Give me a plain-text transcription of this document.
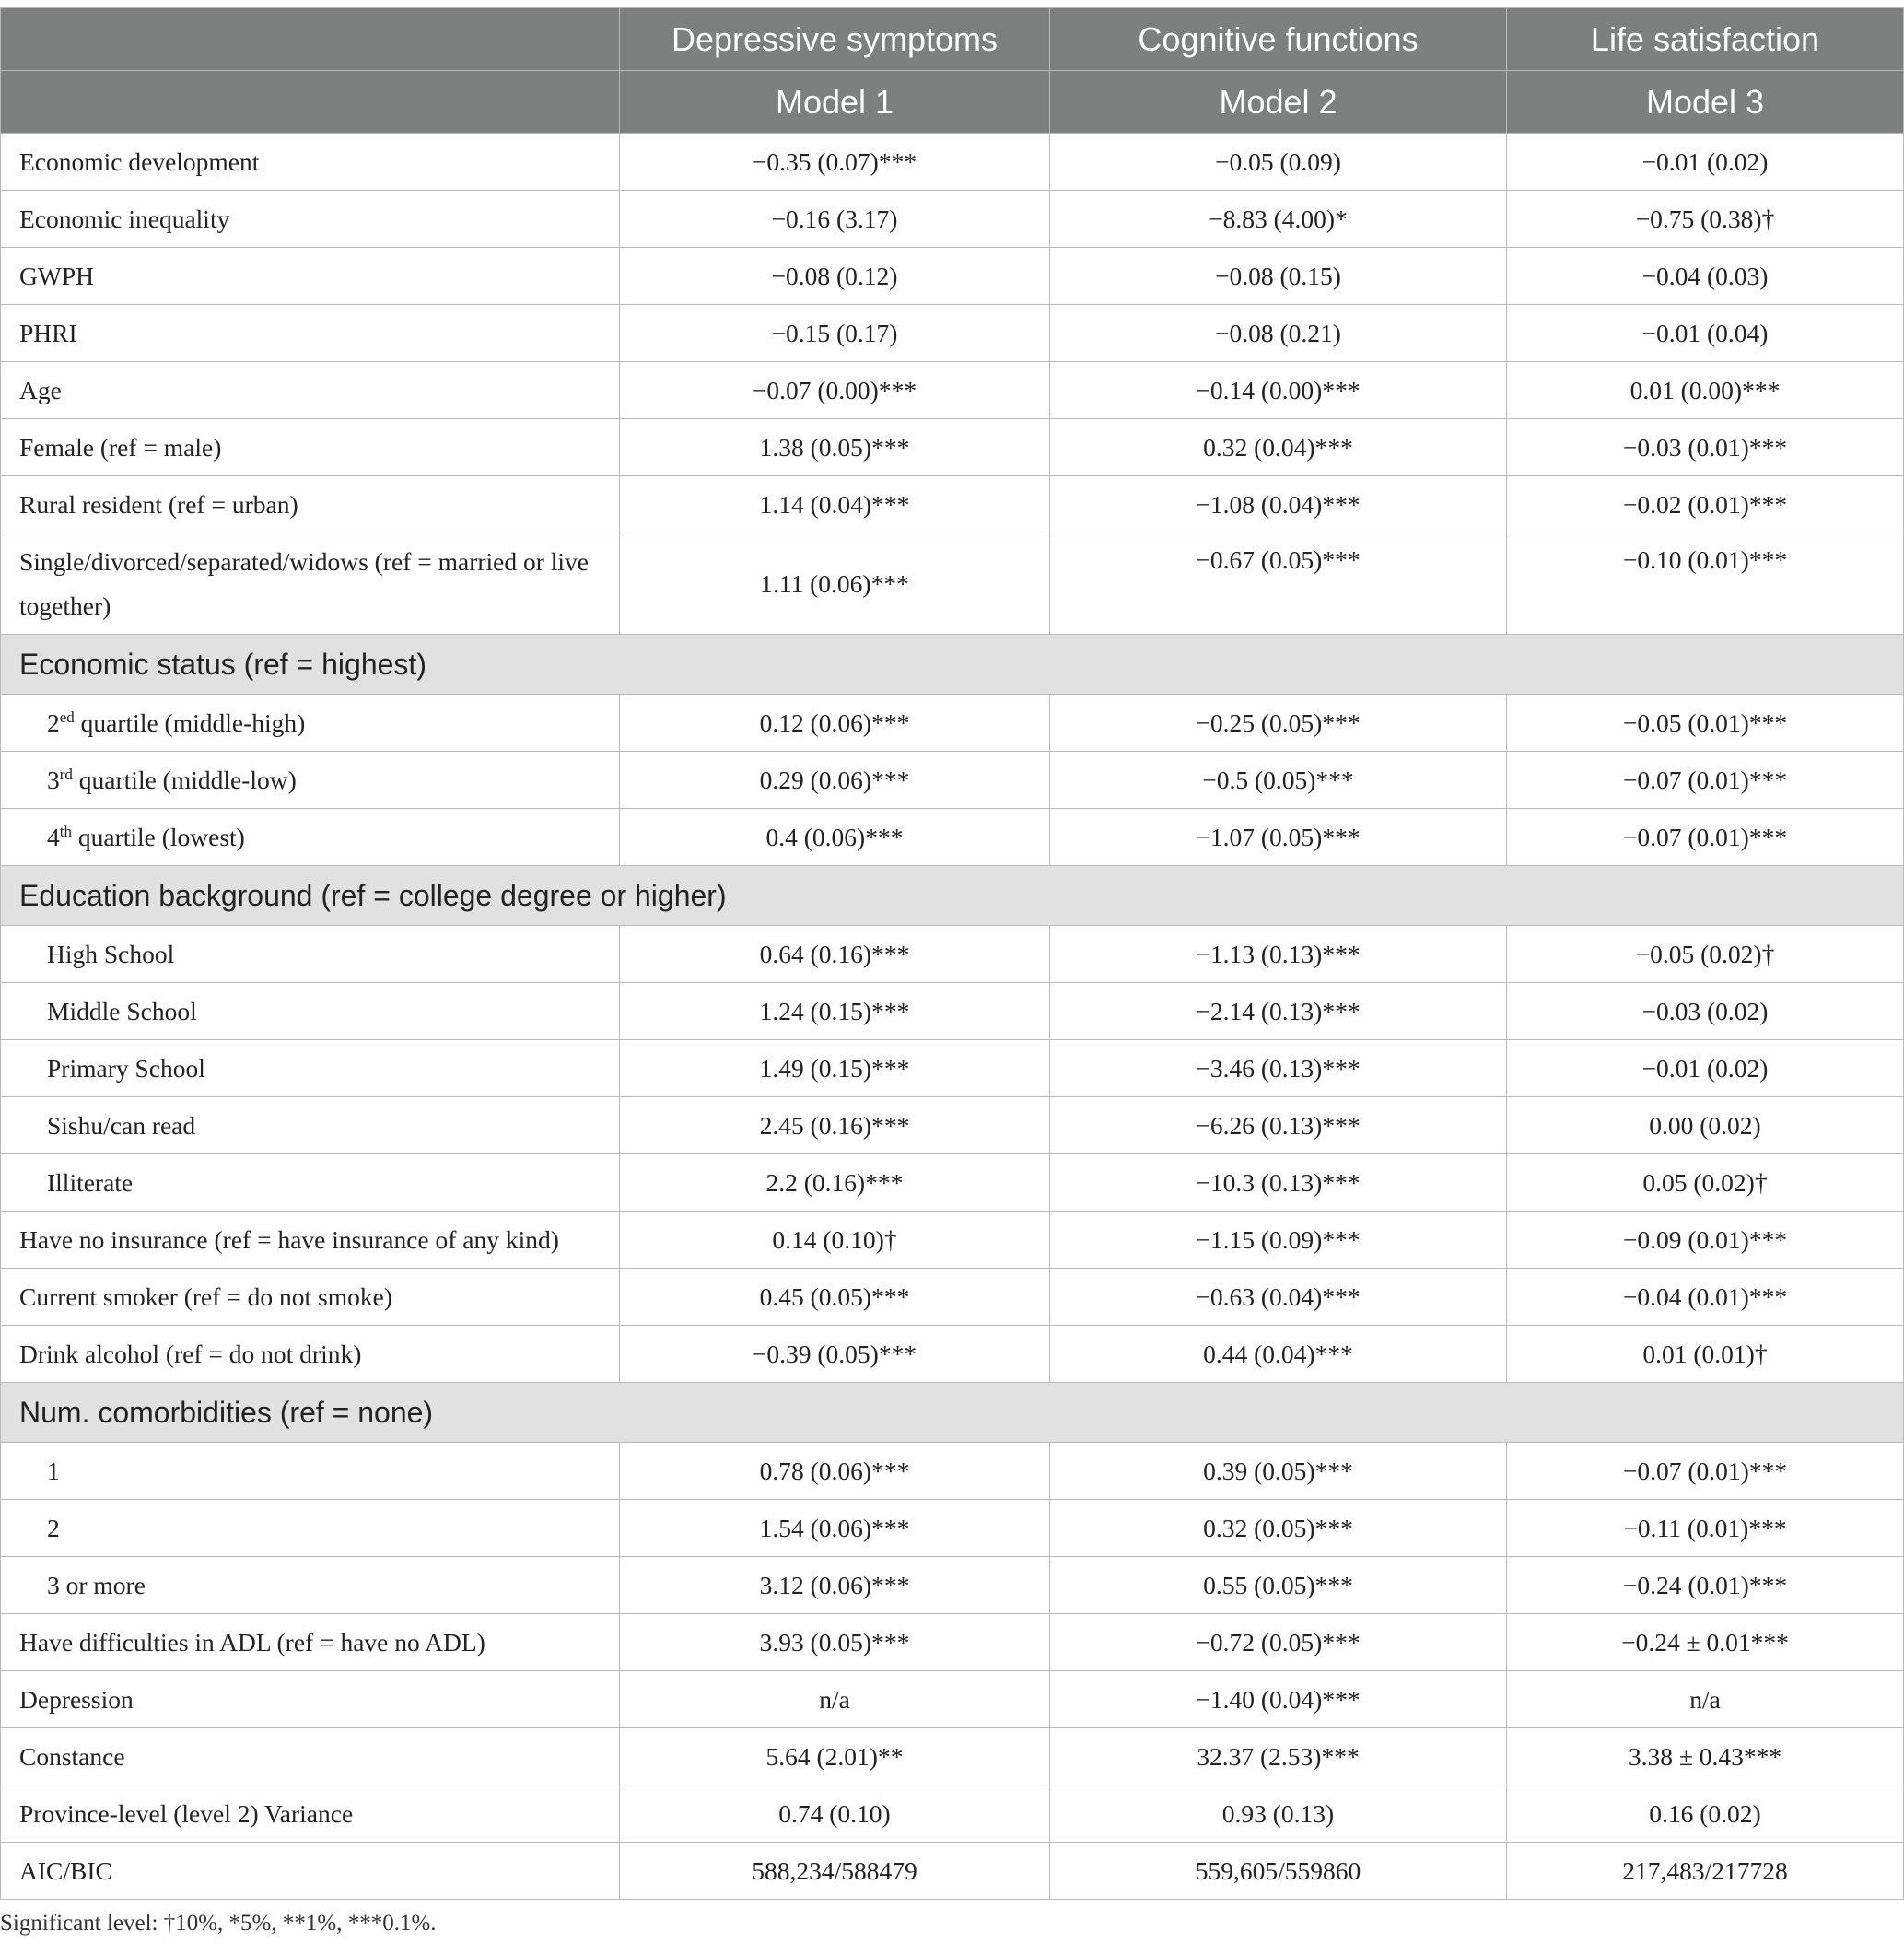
	Depressive symptoms	Cognitive functions	Life satisfaction
	Model 1	Model 2	Model 3
Economic development	−0.35 (0.07)***	−0.05 (0.09)	−0.01 (0.02)
Economic inequality	−0.16 (3.17)	−8.83 (4.00)*	−0.75 (0.38)†
GWPH	−0.08 (0.12)	−0.08 (0.15)	−0.04 (0.03)
PHRI	−0.15 (0.17)	−0.08 (0.21)	−0.01 (0.04)
Age	−0.07 (0.00)***	−0.14 (0.00)***	0.01 (0.00)***
Female (ref = male)	1.38 (0.05)***	0.32 (0.04)***	−0.03 (0.01)***
Rural resident (ref = urban)	1.14 (0.04)***	−1.08 (0.04)***	−0.02 (0.01)***
Single/divorced/separated/widows (ref = married or live together)	1.11 (0.06)***	−0.67 (0.05)***	−0.10 (0.01)***
Economic status (ref = highest)			
$2^{ed}$ quartile (middle-high)	0.12 (0.06)***	−0.25 (0.05)***	−0.05 (0.01)***
3rd quartile (middle-low)	0.29 (0.06)***	−0.5 (0.05)***	−0.07 (0.01)***
4th quartile (lowest)	0.4 (0.06)***	−1.07 (0.05)***	−0.07 (0.01)***
Education background (ref = college degree or higher)			
High School	0.64 (0.16)***	−1.13 (0.13)***	−0.05 (0.02)†
Middle School	1.24 (0.15)***	−2.14 (0.13)***	−0.03 (0.02)
Primary School	1.49 (0.15)***	−3.46 (0.13)***	−0.01 (0.02)
Sishu/can read	2.45 (0.16)***	−6.26 (0.13)***	0.00 (0.02)
Illiterate	2.2 (0.16)***	−10.3 (0.13)***	0.05 (0.02)†
Have no insurance (ref = have insurance of any kind)	0.14 (0.10)†	−1.15 (0.09)***	−0.09 (0.01)***
Current smoker (ref = do not smoke)	0.45 (0.05)***	−0.63 (0.04)***	−0.04 (0.01)***
Drink alcohol (ref = do not drink)	−0.39 (0.05)***	0.44 (0.04)***	0.01 (0.01)†
Num. comorbidities (ref = none)			
1	0.78 (0.06)***	0.39 (0.05)***	−0.07 (0.01)***
2	1.54 (0.06)***	0.32 (0.05)***	−0.11 (0.01)***
3 or more	3.12 (0.06)***	0.55 (0.05)***	−0.24 (0.01)***
Have difficulties in ADL (ref = have no ADL)	3.93 (0.05)***	−0.72 (0.05)***	−0.24 ± 0.01***
Depression	n/a	−1.40 (0.04)***	n/a
Constance	5.64 (2.01)**	32.37 (2.53)***	3.38 ± 0.43***
Province-level (level 2) Variance	0.74 (0.10)	0.93 (0.13)	0.16 (0.02)
AIC/BIC	588,234/588479	559,605/559860	217,483/217728
Significant level: †10%, *5%, **1%, ***0.1%.
